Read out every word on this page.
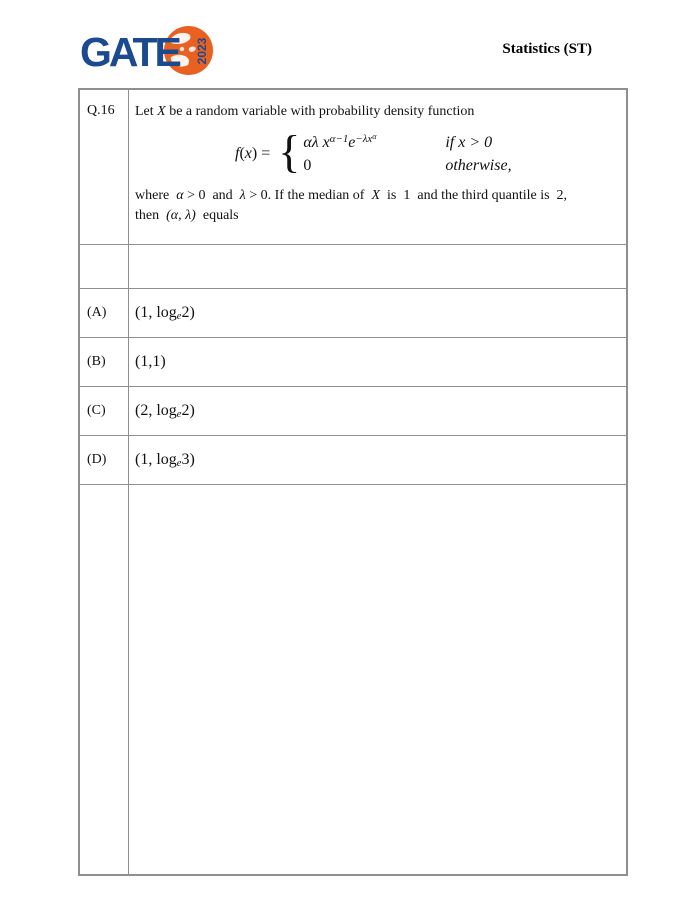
GATE 2023	Statistics (ST)
Q.16	Let X be a random variable with probability density function

f(x) = { αλ $x^{\alpha-1}e^{-\lambda x\alpha}$	if x > 0
0	otherwise,

where  α > 0  and  λ > 0. If the median of  X  is  1  and the third quantile is  2,

then  (α, λ)  equals

(A)	(1, log e 2)
(B)	(1,1)
(C)	(2, log e 2)
(D)	(1, log e 3)
